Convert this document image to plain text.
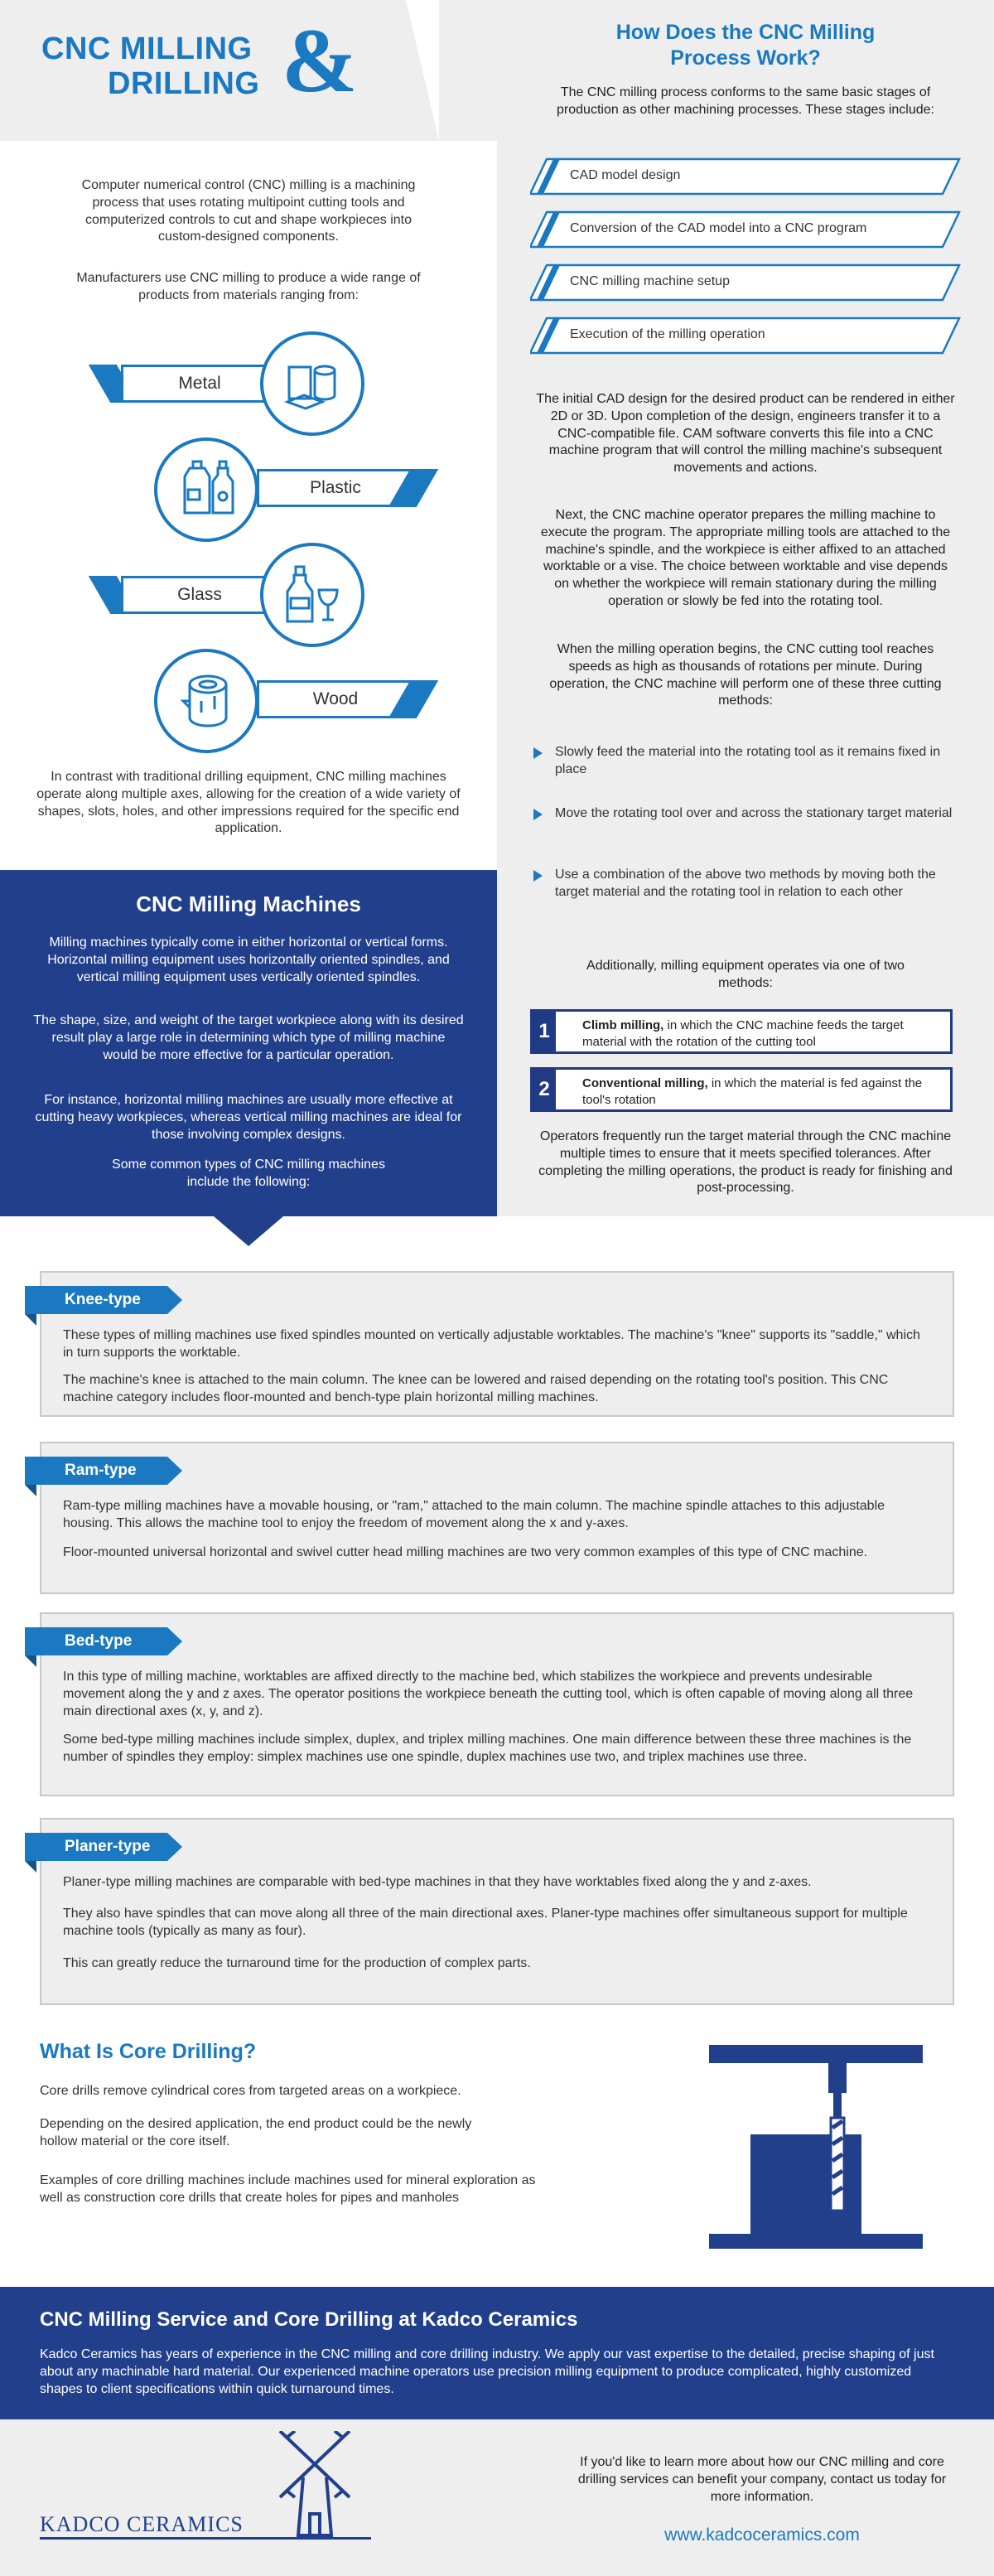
CNC MILLING
DRILLING &

Computer numerical control (CNC) milling is a machining process that uses rotating multipoint cutting tools and computerized controls to cut and shape workpieces into custom-designed components.

Manufacturers use CNC milling to produce a wide range of products from materials ranging from:

Metal
Plastic
Glass
Wood

In contrast with traditional drilling equipment, CNC milling machines operate along multiple axes, allowing for the creation of a wide variety of shapes, slots, holes, and other impressions required for the specific end application.

How Does the CNC Milling
Process Work?

The CNC milling process conforms to the same basic stages of production as other machining processes. These stages include:

CAD model design
Conversion of the CAD model into a CNC program
CNC milling machine setup
Execution of the milling operation

The initial CAD design for the desired product can be rendered in either 2D or 3D. Upon completion of the design, engineers transfer it to a CNC-compatible file. CAM software converts this file into a CNC machine program that will control the milling machine's subsequent movements and actions.

Next, the CNC machine operator prepares the milling machine to execute the program. The appropriate milling tools are attached to the machine's spindle, and the workpiece is either affixed to an attached worktable or a vise. The choice between worktable and vise depends on whether the workpiece will remain stationary during the milling operation or slowly be fed into the rotating tool.

When the milling operation begins, the CNC cutting tool reaches speeds as high as thousands of rotations per minute. During operation, the CNC machine will perform one of these three cutting methods:

Slowly feed the material into the rotating tool as it remains fixed in place

Move the rotating tool over and across the stationary target material

Use a combination of the above two methods by moving both the target material and the rotating tool in relation to each other

Additionally, milling equipment operates via one of two methods:

1	Climb milling, in which the CNC machine feeds the target material with the rotation of the cutting tool

2	Conventional milling, in which the material is fed against the tool's rotation

Operators frequently run the target material through the CNC machine multiple times to ensure that it meets specified tolerances. After completing the milling operations, the product is ready for finishing and post-processing.

CNC Milling Machines

Milling machines typically come in either horizontal or vertical forms. Horizontal milling equipment uses horizontally oriented spindles, and vertical milling equipment uses vertically oriented spindles.

The shape, size, and weight of the target workpiece along with its desired result play a large role in determining which type of milling machine would be more effective for a particular operation.

For instance, horizontal milling machines are usually more effective at cutting heavy workpieces, whereas vertical milling machines are ideal for those involving complex designs.

Some common types of CNC milling machines include the following:

Knee-type

These types of milling machines use fixed spindles mounted on vertically adjustable worktables. The machine's "knee" supports its "saddle," which in turn supports the worktable.

The machine's knee is attached to the main column. The knee can be lowered and raised depending on the rotating tool's position. This CNC machine category includes floor-mounted and bench-type plain horizontal milling machines.

Ram-type

Ram-type milling machines have a movable housing, or "ram," attached to the main column. The machine spindle attaches to this adjustable housing. This allows the machine tool to enjoy the freedom of movement along the x and y-axes.

Floor-mounted universal horizontal and swivel cutter head milling machines are two very common examples of this type of CNC machine.

Bed-type

In this type of milling machine, worktables are affixed directly to the machine bed, which stabilizes the workpiece and prevents undesirable movement along the y and z axes. The operator positions the workpiece beneath the cutting tool, which is often capable of moving along all three main directional axes (x, y, and z).

Some bed-type milling machines include simplex, duplex, and triplex milling machines. One main difference between these three machines is the number of spindles they employ: simplex machines use one spindle, duplex machines use two, and triplex machines use three.

Planer-type

Planer-type milling machines are comparable with bed-type machines in that they have worktables fixed along the y and z-axes.

They also have spindles that can move along all three of the main directional axes. Planer-type machines offer simultaneous support for multiple machine tools (typically as many as four).

This can greatly reduce the turnaround time for the production of complex parts.

What Is Core Drilling?

Core drills remove cylindrical cores from targeted areas on a workpiece.

Depending on the desired application, the end product could be the newly hollow material or the core itself.

Examples of core drilling machines include machines used for mineral exploration as well as construction core drills that create holes for pipes and manholes

CNC Milling Service and Core Drilling at Kadco Ceramics

Kadco Ceramics has years of experience in the CNC milling and core drilling industry. We apply our vast expertise to the detailed, precise shaping of just about any machinable hard material. Our experienced machine operators use precision milling equipment to produce complicated, highly customized shapes to client specifications within quick turnaround times.

KADCO CERAMICS

If you'd like to learn more about how our CNC milling and core drilling services can benefit your company, contact us today for more information.

www.kadcoceramics.com
